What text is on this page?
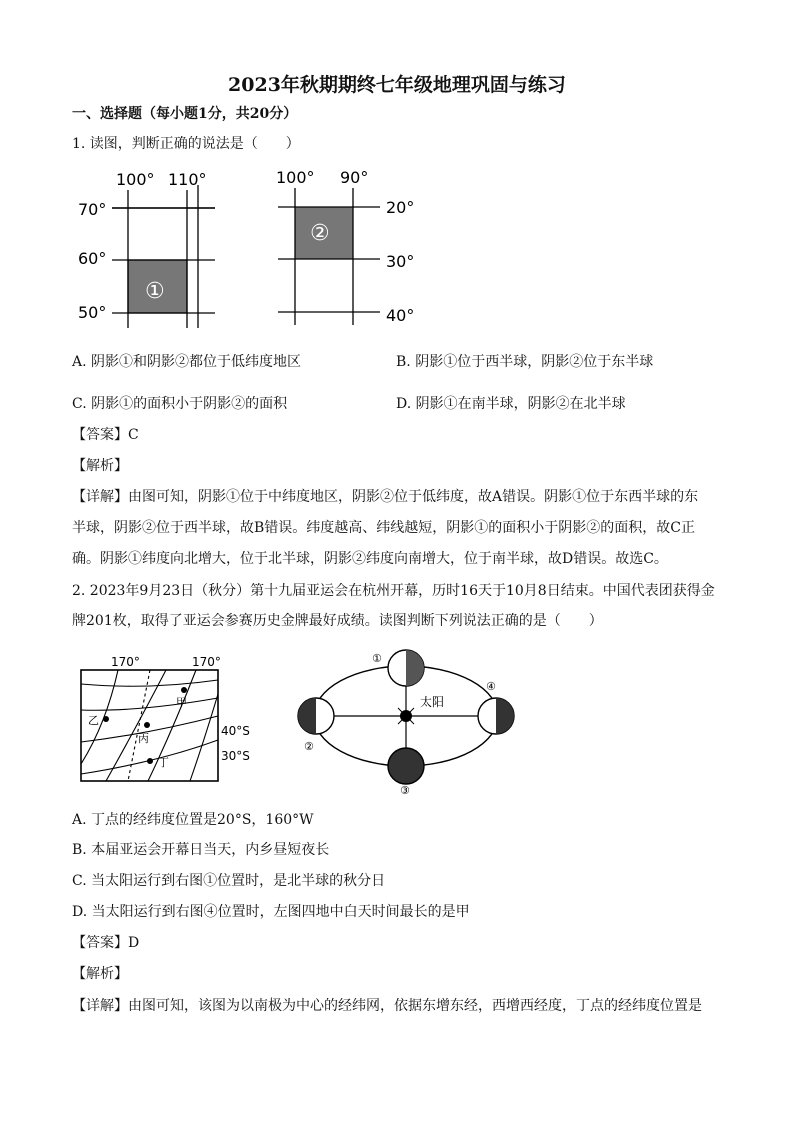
2023年秋期期终七年级地理巩固与练习
一、选择题（每小题1分，共20分）
1. 读图，判断正确的说法是（　　）
100° 110°
70°
60°
50°
①
100° 90°
20°
30°
40°
②
A. 阴影①和阴影②都位于低纬度地区	B. 阴影①位于西半球，阴影②位于东半球
C. 阴影①的面积小于阴影②的面积	D. 阴影①在南半球，阴影②在北半球
【答案】C
【解析】
【详解】由图可知，阴影①位于中纬度地区，阴影②位于低纬度，故A错误。阴影①位于东西半球的东
半球，阴影②位于西半球，故B错误。纬度越高、纬线越短，阴影①的面积小于阴影②的面积，故C正
确。阴影①纬度向北增大，位于北半球，阴影②纬度向南增大，位于南半球，故D错误。故选C。
2. 2023年9月23日（秋分）第十九届亚运会在杭州开幕，历时16天于10月8日结束。中国代表团获得金
牌201枚，取得了亚运会参赛历史金牌最好成绩。读图判断下列说法正确的是（　　）
170°	170°
40°S
30°S
甲
乙
丙
丁
太阳
①
②
③
④
A. 丁点的经纬度位置是20°S，160°W
B. 本届亚运会开幕日当天，内乡昼短夜长
C. 当太阳运行到右图①位置时，是北半球的秋分日
D. 当太阳运行到右图④位置时，左图四地中白天时间最长的是甲
【答案】D
【解析】
【详解】由图可知，该图为以南极为中心的经纬网，依据东增东经，西增西经度，丁点的经纬度位置是
